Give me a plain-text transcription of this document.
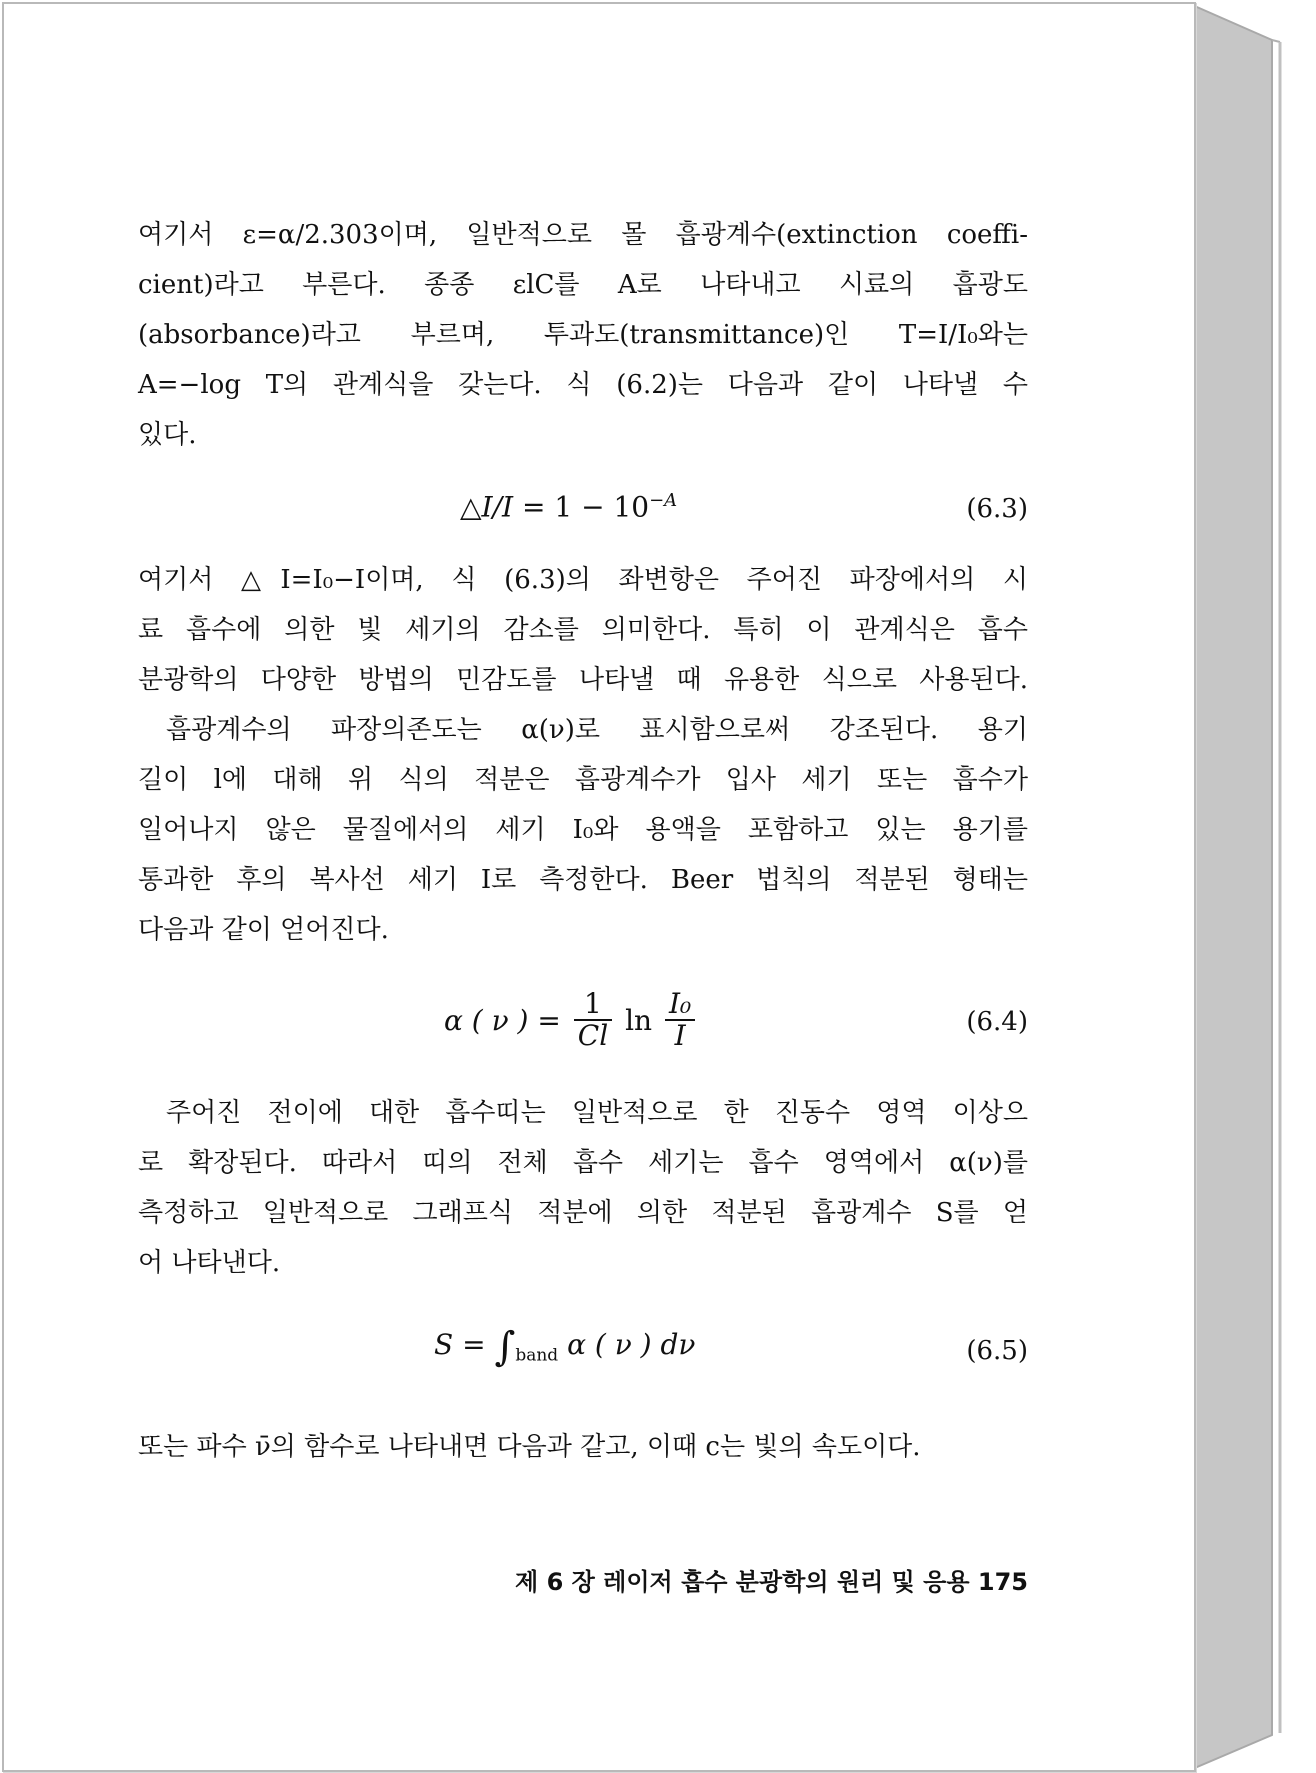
여기서 ε=α/2.303이며, 일반적으로 몰 흡광계수(extinction coeffi-
cient)라고 부른다. 종종 εlC를 A로 나타내고 시료의 흡광도
(absorbance)라고 부르며, 투과도(transmittance)인 T=I/I₀와는
A=−log T의 관계식을 갖는다. 식 (6.2)는 다음과 같이 나타낼 수
있다.
△I/I = $1 - 10^{-A}$	(6.3)
여기서 △I=I₀−I이며, 식 (6.3)의 좌변항은 주어진 파장에서의 시
료 흡수에 의한 빛 세기의 감소를 의미한다. 특히 이 관계식은 흡수
분광학의 다양한 방법의 민감도를 나타낼 때 유용한 식으로 사용된다.
흡광계수의 파장의존도는 α(ν)로 표시함으로써 강조된다. 용기
길이 l에 대해 위 식의 적분은 흡광계수가 입사 세기 또는 흡수가
일어나지 않은 물질에서의 세기 I₀와 용액을 포함하고 있는 용기를
통과한 후의 복사선 세기 I로 측정한다. Beer 법칙의 적분된 형태는
다음과 같이 얻어진다.
α ( ν ) = $\frac{1}{Cl}$ $\ln \frac{\text{I₀}}{I}$	(6.4)
주어진 전이에 대한 흡수띠는 일반적으로 한 진동수 영역 이상으
로 확장된다. 따라서 띠의 전체 흡수 세기는 흡수 영역에서 α(ν)를
측정하고 일반적으로 그래프식 적분에 의한 적분된 흡광계수 S를 얻
어 나타낸다.
$S = \int_{band}$ α ( ν ) dν	(6.5)
또는 파수 ν̄의 함수로 나타내면 다음과 같고, 이때 c는 빛의 속도이다.
제 6 장 레이저 흡수 분광학의 원리 및 응용 175
